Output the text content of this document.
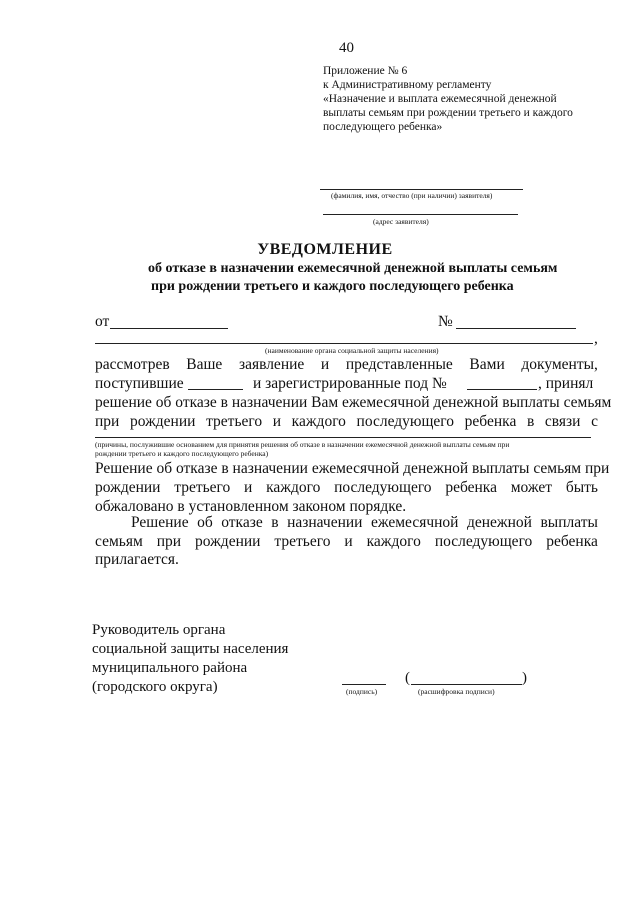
40
Приложение № 6
к Административному регламенту
«Назначение и выплата ежемесячной денежной
выплаты семьям при рождении третьего и каждого
последующего ребенка»
(фамилия, имя, отчество (при наличии) заявителя)
(адрес заявителя)
УВЕДОМЛЕНИЕ
об отказе в назначении ежемесячной денежной выплаты семьям
при рождении третьего и каждого последующего ребенка
от	№
,
(наименование органа социальной защиты населения)
рассмотрев Ваше заявление и представленные Вами документы,
поступившие	и зарегистрированные под №	, принял
решение об отказе в назначении Вам ежемесячной денежной выплаты семьям
при рождении третьего и каждого последующего ребенка в связи с
(причины, послужившие основанием для принятия решения об отказе в назначении ежемесячной денежной выплаты семьям при
рождении третьего и каждого последующего ребенка)
Решение об отказе в назначении ежемесячной денежной выплаты семьям при
рождении третьего и каждого последующего ребенка может быть
обжаловано в установленном законом порядке.
Решение об отказе в назначении ежемесячной денежной выплаты
семьям при рождении третьего и каждого последующего ребенка
прилагается.
Руководитель органа
социальной защиты населения
муниципального района
(городского округа)	(подпись)
(	)
(расшифровка подписи)
